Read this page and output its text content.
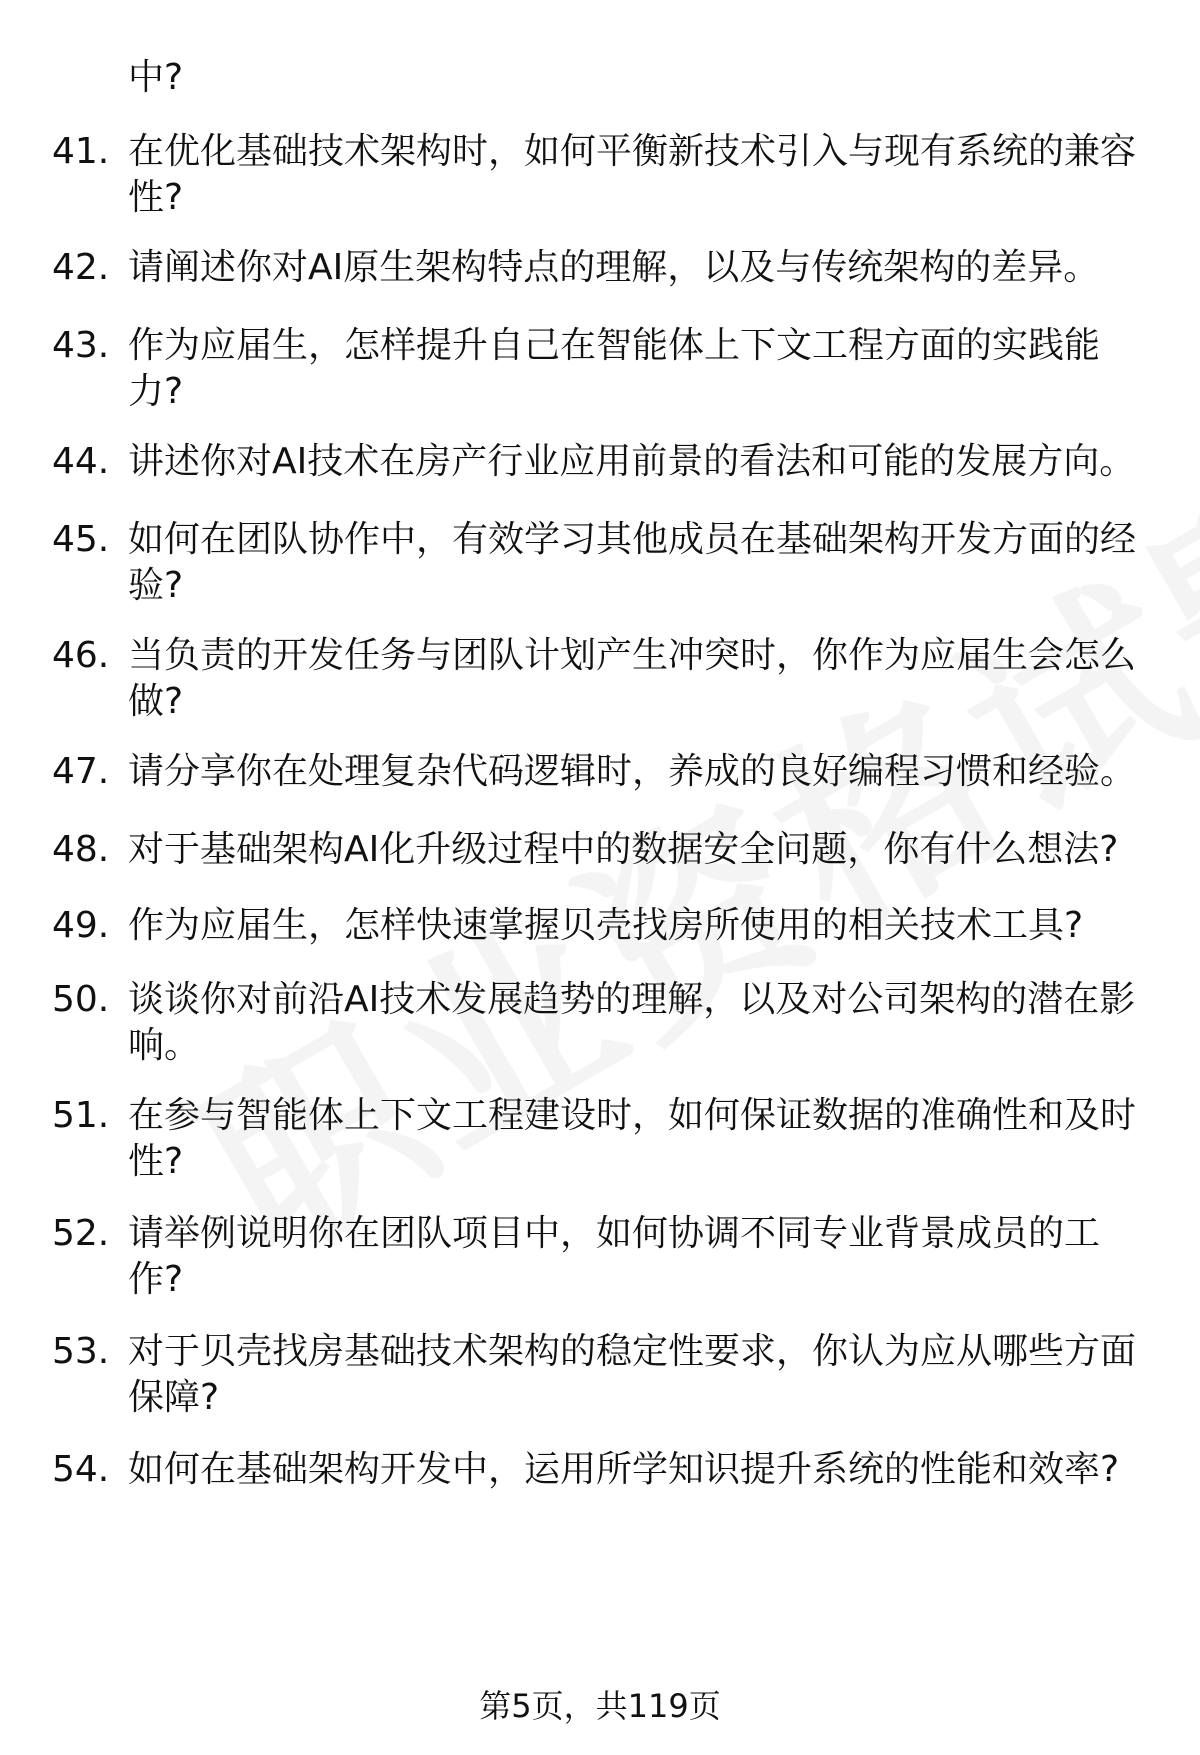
中?
41. 在优化基础技术架构时，如何平衡新技术引入与现有系统的兼容
性?
42. 请阐述你对AI原生架构特点的理解，以及与传统架构的差异。
43. 作为应届生，怎样提升自己在智能体上下文工程方面的实践能
力?
44. 讲述你对AI技术在房产行业应用前景的看法和可能的发展方向。
45. 如何在团队协作中，有效学习其他成员在基础架构开发方面的经
验?
46. 当负责的开发任务与团队计划产生冲突时，你作为应届生会怎么
做?
47. 请分享你在处理复杂代码逻辑时，养成的良好编程习惯和经验。
48. 对于基础架构AI化升级过程中的数据安全问题，你有什么想法?
49. 作为应届生，怎样快速掌握贝壳找房所使用的相关技术工具?
50. 谈谈你对前沿AI技术发展趋势的理解，以及对公司架构的潜在影
响。
51. 在参与智能体上下文工程建设时，如何保证数据的准确性和及时
性?
52. 请举例说明你在团队项目中，如何协调不同专业背景成员的工
作?
53. 对于贝壳找房基础技术架构的稳定性要求，你认为应从哪些方面
保障?
54. 如何在基础架构开发中，运用所学知识提升系统的性能和效率?
第5页，共119页
